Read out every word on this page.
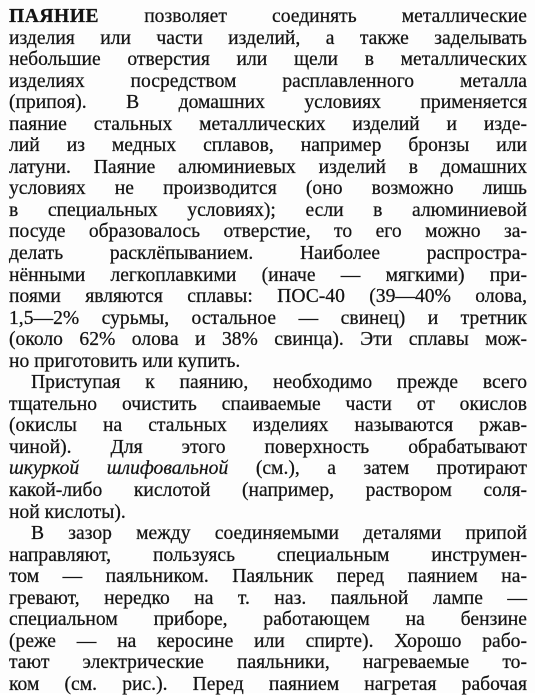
ПАЯНИЕ позволяет соединять металлические
изделия или части изделий, а также заделывать
небольшие отверстия или щели в металлических
изделиях посредством расплавленного металла
(припоя). В домашних условиях применяется
паяние стальных металлических изделий и изде-
лий из медных сплавов, например бронзы или
латуни. Паяние алюминиевых изделий в домашних
условиях не производится (оно возможно лишь
в специальных условиях); если в алюминиевой
посуде образовалось отверстие, то его можно за-
делать расклёпыванием. Наиболее распростра-
нёнными легкоплавкими (иначе — мягкими) при-
поями являются сплавы: ПОС-40 (39—40% олова,
1,5—2% сурьмы, остальное — свинец) и третник
(около 62% олова и 38% свинца). Эти сплавы мож-
но приготовить или купить.
Приступая к паянию, необходимо прежде всего
тщательно очистить спаиваемые части от окислов
(окислы на стальных изделиях называются ржав-
чиной). Для этого поверхность обрабатывают
шкуркой шлифовальной (см.), а затем протирают
какой-либо кислотой (например, раствором соля-
ной кислоты).
В зазор между соединяемыми деталями припой
направляют, пользуясь специальным инструмен-
том — паяльником. Паяльник перед паянием на-
гревают, нередко на т. наз. паяльной лампе —
специальном приборе, работающем на бензине
(реже — на керосине или спирте). Хорошо рабо-
тают электрические паяльники, нагреваемые то-
ком (см. рис.). Перед паянием нагретая рабочая
